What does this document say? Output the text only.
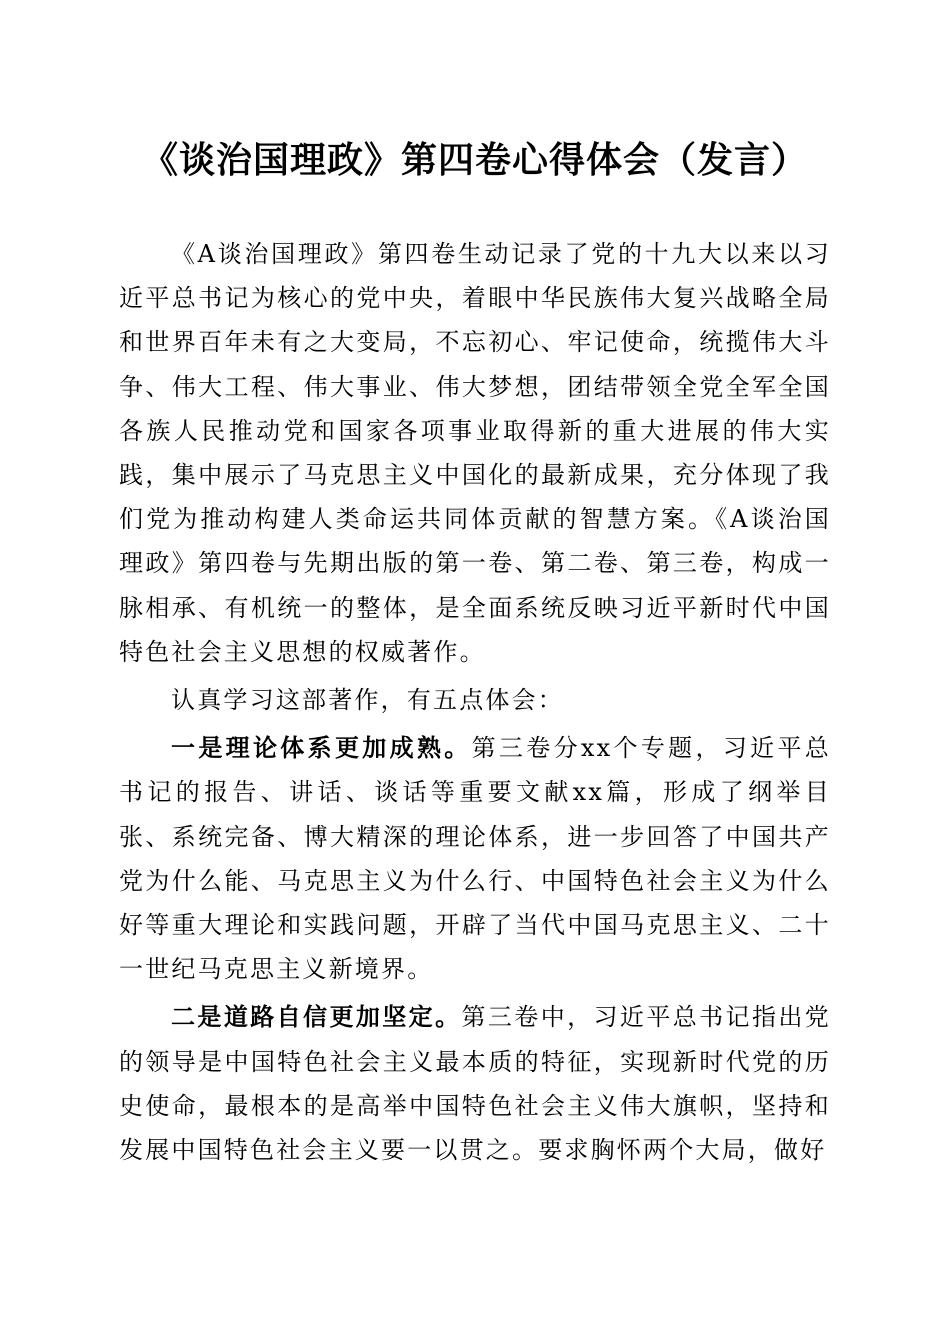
《谈治国理政》第四卷心得体会（发言）

《A谈治国理政》第四卷生动记录了党的十九大以来以习近平总书记为核心的党中央，着眼中华民族伟大复兴战略全局和世界百年未有之大变局，不忘初心、牢记使命，统揽伟大斗争、伟大工程、伟大事业、伟大梦想，团结带领全党全军全国各族人民推动党和国家各项事业取得新的重大进展的伟大实践，集中展示了马克思主义中国化的最新成果，充分体现了我们党为推动构建人类命运共同体贡献的智慧方案。《A谈治国理政》第四卷与先期出版的第一卷、第二卷、第三卷，构成一脉相承、有机统一的整体，是全面系统反映习近平新时代中国特色社会主义思想的权威著作。

认真学习这部著作，有五点体会：

一是理论体系更加成熟。第三卷分xx个专题，习近平总书记的报告、讲话、谈话等重要文献xx篇，形成了纲举目张、系统完备、博大精深的理论体系，进一步回答了中国共产党为什么能、马克思主义为什么行、中国特色社会主义为什么好等重大理论和实践问题，开辟了当代中国马克思主义、二十一世纪马克思主义新境界。

二是道路自信更加坚定。第三卷中，习近平总书记指出党的领导是中国特色社会主义最本质的特征，实现新时代党的历史使命，最根本的是高举中国特色社会主义伟大旗帜，坚持和发展中国特色社会主义要一以贯之。要求胸怀两个大局，做好
